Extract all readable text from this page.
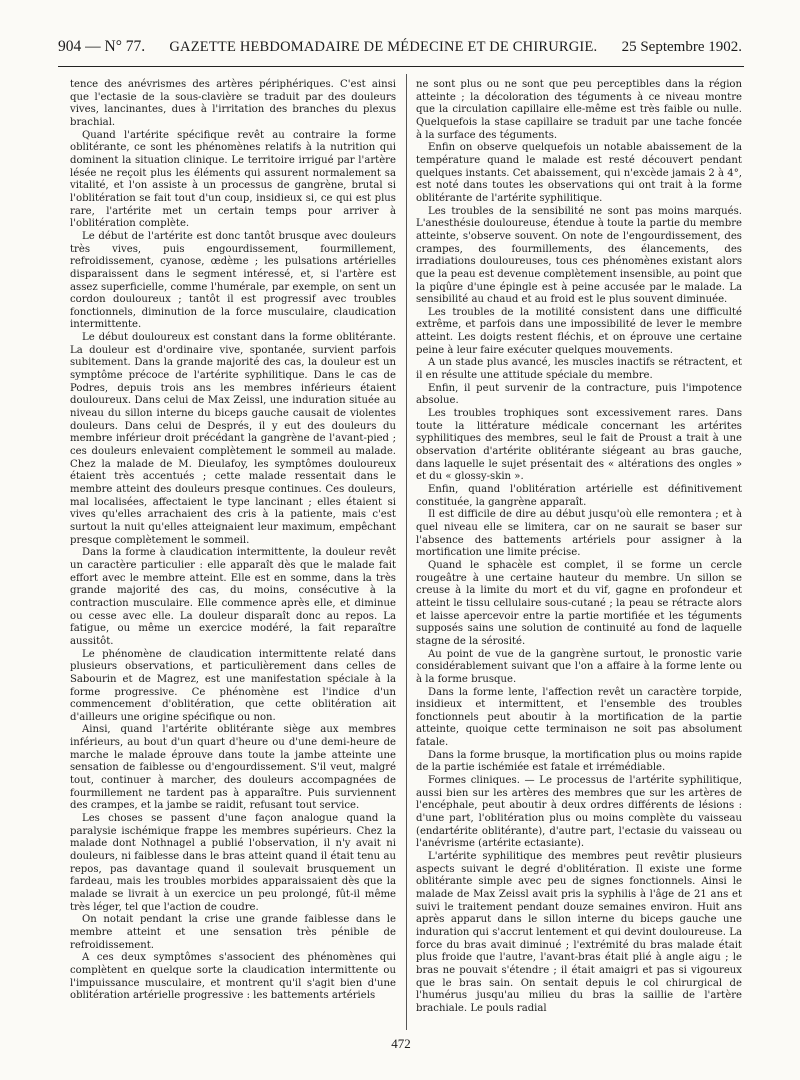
904 — N° 77. GAZETTE HEBDOMADAIRE DE MÉDECINE ET DE CHIRURGIE. 25 Septembre 1902.

tence des anévrismes des artères périphériques. C'est ainsi que l'ectasie de la sous-clavière se traduit par des douleurs vives, lancinantes, dues à l'irritation des branches du plexus brachial.

Quand l'artérite spécifique revêt au contraire la forme oblitérante, ce sont les phénomènes relatifs à la nutrition qui dominent la situation clinique. Le territoire irrigué par l'artère lésée ne reçoit plus les éléments qui assurent normalement sa vitalité, et l'on assiste à un processus de gangrène, brutal si l'oblitération se fait tout d'un coup, insidieux si, ce qui est plus rare, l'artérite met un certain temps pour arriver à l'oblitération complète.

Le début de l'artérite est donc tantôt brusque avec douleurs très vives, puis engourdissement, fourmillement, refroidissement, cyanose, œdème ; les pulsations artérielles disparaissent dans le segment intéressé, et, si l'artère est assez superficielle, comme l'humérale, par exemple, on sent un cordon douloureux ; tantôt il est progressif avec troubles fonctionnels, diminution de la force musculaire, claudication intermittente.

Le début douloureux est constant dans la forme oblitérante. La douleur est d'ordinaire vive, spontanée, survient parfois subitement. Dans la grande majorité des cas, la douleur est un symptôme précoce de l'artérite syphilitique. Dans le cas de Podres, depuis trois ans les membres inférieurs étaient douloureux. Dans celui de Max Zeissl, une induration située au niveau du sillon interne du biceps gauche causait de violentes douleurs. Dans celui de Després, il y eut des douleurs du membre inférieur droit précédant la gangrène de l'avant-pied ; ces douleurs enlevaient complètement le sommeil au malade. Chez la malade de M. Dieulafoy, les symptômes douloureux étaient très accentués ; cette malade ressentait dans le membre atteint des douleurs presque continues. Ces douleurs, mal localisées, affectaient le type lancinant ; elles étaient si vives qu'elles arrachaient des cris à la patiente, mais c'est surtout la nuit qu'elles atteignaient leur maximum, empêchant presque complètement le sommeil.

Dans la forme à claudication intermittente, la douleur revêt un caractère particulier : elle apparaît dès que le malade fait effort avec le membre atteint. Elle est en somme, dans la très grande majorité des cas, du moins, consécutive à la contraction musculaire. Elle commence après elle, et diminue ou cesse avec elle. La douleur disparaît donc au repos. La fatigue, ou même un exercice modéré, la fait reparaître aussitôt.

Le phénomène de claudication intermittente relaté dans plusieurs observations, et particulièrement dans celles de Sabourin et de Magrez, est une manifestation spéciale à la forme progressive. Ce phénomène est l'indice d'un commencement d'oblitération, que cette oblitération ait d'ailleurs une origine spécifique ou non.

Ainsi, quand l'artérite oblitérante siège aux membres inférieurs, au bout d'un quart d'heure ou d'une demi-heure de marche le malade éprouve dans toute la jambe atteinte une sensation de faiblesse ou d'engourdissement. S'il veut, malgré tout, continuer à marcher, des douleurs accompagnées de fourmillement ne tardent pas à apparaître. Puis surviennent des crampes, et la jambe se raidit, refusant tout service.

Les choses se passent d'une façon analogue quand la paralysie ischémique frappe les membres supérieurs. Chez la malade dont Nothnagel a publié l'observation, il n'y avait ni douleurs, ni faiblesse dans le bras atteint quand il était tenu au repos, pas davantage quand il soulevait brusquement un fardeau, mais les troubles morbides apparaissaient dès que la malade se livrait à un exercice un peu prolongé, fût-il même très léger, tel que l'action de coudre.

On notait pendant la crise une grande faiblesse dans le membre atteint et une sensation très pénible de refroidissement.

A ces deux symptômes s'associent des phénomènes qui complètent en quelque sorte la claudication intermittente ou l'impuissance musculaire, et montrent qu'il s'agit bien d'une oblitération artérielle progressive : les battements artériels

ne sont plus ou ne sont que peu perceptibles dans la région atteinte ; la décoloration des téguments à ce niveau montre que la circulation capillaire elle-même est très faible ou nulle. Quelquefois la stase capillaire se traduit par une tache foncée à la surface des téguments.

Enfin on observe quelquefois un notable abaissement de la température quand le malade est resté découvert pendant quelques instants. Cet abaissement, qui n'excède jamais 2 à 4°, est noté dans toutes les observations qui ont trait à la forme oblitérante de l'artérite syphilitique.

Les troubles de la sensibilité ne sont pas moins marqués. L'anesthésie douloureuse, étendue à toute la partie du membre atteinte, s'observe souvent. On note de l'engourdissement, des crampes, des fourmillements, des élancements, des irradiations douloureuses, tous ces phénomènes existant alors que la peau est devenue complètement insensible, au point que la piqûre d'une épingle est à peine accusée par le malade. La sensibilité au chaud et au froid est le plus souvent diminuée.

Les troubles de la motilité consistent dans une difficulté extrême, et parfois dans une impossibilité de lever le membre atteint. Les doigts restent fléchis, et on éprouve une certaine peine à leur faire exécuter quelques mouvements.

A un stade plus avancé, les muscles inactifs se rétractent, et il en résulte une attitude spéciale du membre.

Enfin, il peut survenir de la contracture, puis l'impotence absolue.

Les troubles trophiques sont excessivement rares. Dans toute la littérature médicale concernant les artérites syphilitiques des membres, seul le fait de Proust a trait à une observation d'artérite oblitérante siégeant au bras gauche, dans laquelle le sujet présentait des « altérations des ongles » et du « glossy-skin ».

Enfin, quand l'oblitération artérielle est définitivement constituée, la gangrène apparaît.

Il est difficile de dire au début jusqu'où elle remontera ; et à quel niveau elle se limitera, car on ne saurait se baser sur l'absence des battements artériels pour assigner à la mortification une limite précise.

Quand le sphacèle est complet, il se forme un cercle rougeâtre à une certaine hauteur du membre. Un sillon se creuse à la limite du mort et du vif, gagne en profondeur et atteint le tissu cellulaire sous-cutané ; la peau se rétracte alors et laisse apercevoir entre la partie mortifiée et les téguments supposés sains une solution de continuité au fond de laquelle stagne de la sérosité.

Au point de vue de la gangrène surtout, le pronostic varie considérablement suivant que l'on a affaire à la forme lente ou à la forme brusque.

Dans la forme lente, l'affection revêt un caractère torpide, insidieux et intermittent, et l'ensemble des troubles fonctionnels peut aboutir à la mortification de la partie atteinte, quoique cette terminaison ne soit pas absolument fatale.

Dans la forme brusque, la mortification plus ou moins rapide de la partie ischémiée est fatale et irrémédiable.

Formes cliniques. — Le processus de l'artérite syphilitique, aussi bien sur les artères des membres que sur les artères de l'encéphale, peut aboutir à deux ordres différents de lésions : d'une part, l'oblitération plus ou moins complète du vaisseau (endartérite oblitérante), d'autre part, l'ectasie du vaisseau ou l'anévrisme (artérite ectasiante).

L'artérite syphilitique des membres peut revêtir plusieurs aspects suivant le degré d'oblitération. Il existe une forme oblitérante simple avec peu de signes fonctionnels. Ainsi le malade de Max Zeissl avait pris la syphilis à l'âge de 21 ans et suivi le traitement pendant douze semaines environ. Huit ans après apparut dans le sillon interne du biceps gauche une induration qui s'accrut lentement et qui devint douloureuse. La force du bras avait diminué ; l'extrémité du bras malade était plus froide que l'autre, l'avant-bras était plié à angle aigu ; le bras ne pouvait s'étendre ; il était amaigri et pas si vigoureux que le bras sain. On sentait depuis le col chirurgical de l'humérus jusqu'au milieu du bras la saillie de l'artère brachiale. Le pouls radial

472
